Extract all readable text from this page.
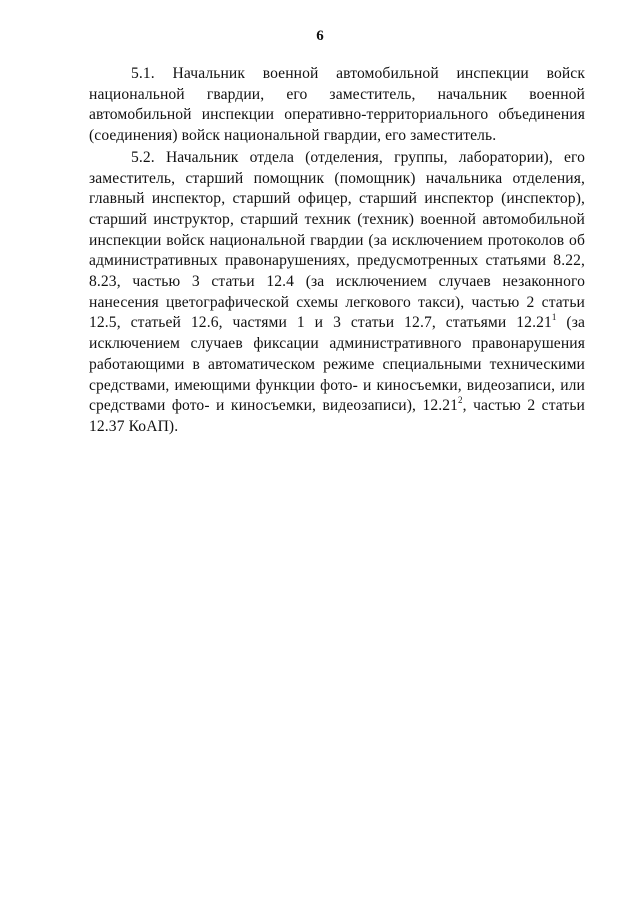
6

5.1. Начальник военной автомобильной инспекции войск национальной гвардии, его заместитель, начальник военной автомобильной инспекции оперативно-территориального объединения (соединения) войск национальной гвардии, его заместитель.

5.2. Начальник отдела (отделения, группы, лаборатории), его заместитель, старший помощник (помощник) начальника отделения, главный инспектор, старший офицер, старший инспектор (инспектор), старший инструктор, старший техник (техник) военной автомобильной инспекции войск национальной гвардии (за исключением протоколов об административных правонарушениях, предусмотренных статьями 8.22, 8.23, частью 3 статьи 12.4 (за исключением случаев незаконного нанесения цветографической схемы легкового такси), частью 2 статьи 12.5, статьей 12.6, частями 1 и 3 статьи 12.7, статьями 12.21$^1$ (за исключением случаев фиксации административного правонарушения работающими в автоматическом режиме специальными техническими средствами, имеющими функции фото- и киносъемки, видеозаписи, или средствами фото- и киносъемки, видеозаписи), 12.21$^2$, частью 2 статьи 12.37 КоАП).
